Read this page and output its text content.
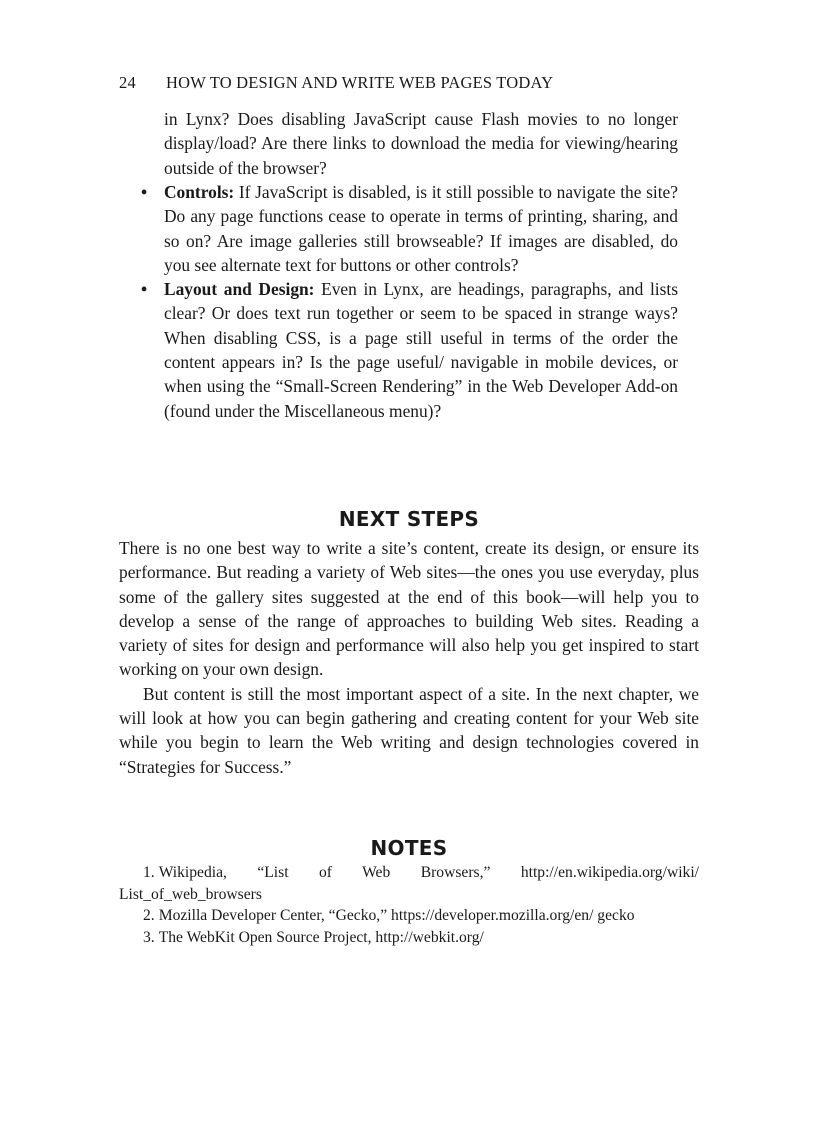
24 HOW TO DESIGN AND WRITE WEB PAGES TODAY

in Lynx? Does disabling JavaScript cause Flash movies to no longer display/load? Are there links to download the media for viewing/hearing outside of the browser?

• Controls: If JavaScript is disabled, is it still possible to navigate the site? Do any page functions cease to operate in terms of printing, sharing, and so on? Are image galleries still browseable? If images are disabled, do you see alternate text for buttons or other controls?
• Layout and Design: Even in Lynx, are headings, paragraphs, and lists clear? Or does text run together or seem to be spaced in strange ways? When disabling CSS, is a page still useful in terms of the order the content appears in? Is the page useful/ navigable in mobile devices, or when using the “Small-Screen Rendering” in the Web Developer Add-on (found under the Miscellaneous menu)?
NEXT STEPS

There is no one best way to write a site’s content, create its design, or ensure its performance. But reading a variety of Web sites—the ones you use everyday, plus some of the gallery sites suggested at the end of this book—will help you to develop a sense of the range of approaches to building Web sites. Reading a variety of sites for design and performance will also help you get inspired to start working on your own design.

But content is still the most important aspect of a site. In the next chapter, we will look at how you can begin gathering and creating content for your Web site while you begin to learn the Web writing and design technologies covered in “Strategies for Success.”

NOTES
1. Wikipedia, “List of Web Browsers,” http://en.wikipedia.org/wiki/ List_of_web_browsers
2. Mozilla Developer Center, “Gecko,” https://developer.mozilla.org/en/ gecko
3. The WebKit Open Source Project, http://webkit.org/
